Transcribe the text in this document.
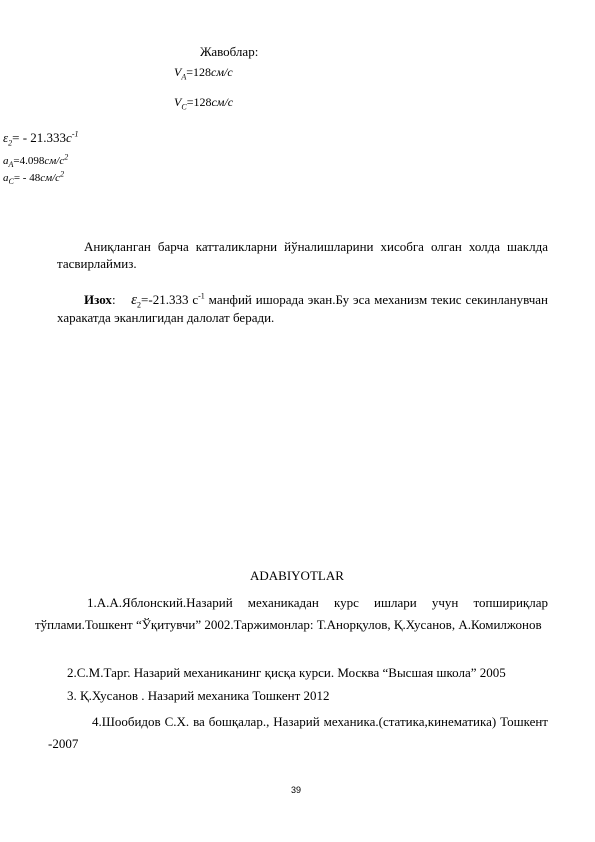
Жавоблар:
$V_A=128см/с$
$V_C=128см/с$
$\varepsilon_2= - 21.333с^{-1}$
$a_A=4.098см/с^2$
$a_C= - 48см/с^2$

Аниқланган барча катталикларни йўналишларини хисобга олган холда шаклда тасвирлаймиз.

Изох: $\varepsilon_2=-21.333$ $c^{-1}$ манфий ишорада экан.Бу эса механизм текис секинланувчан харакатда эканлигидан далолат беради.

ADABIYOTLAR

1.А.А.Яблонский.Назарий механикадан курс ишлари учун топшириқлар тўплами.Тошкент “Ўқитувчи” 2002.Таржимонлар: Т.Анорқулов, Қ.Хусанов, А.Комилжонов

2.С.М.Тарг. Назарий механиканинг қисқа курси. Москва “Высшая школа” 2005
3. Қ.Хусанов . Назарий механика Тошкент 2012

4.Шообидов С.Х. ва бошқалар., Назарий механика.(статика,кинематика) Тошкент -2007

39
